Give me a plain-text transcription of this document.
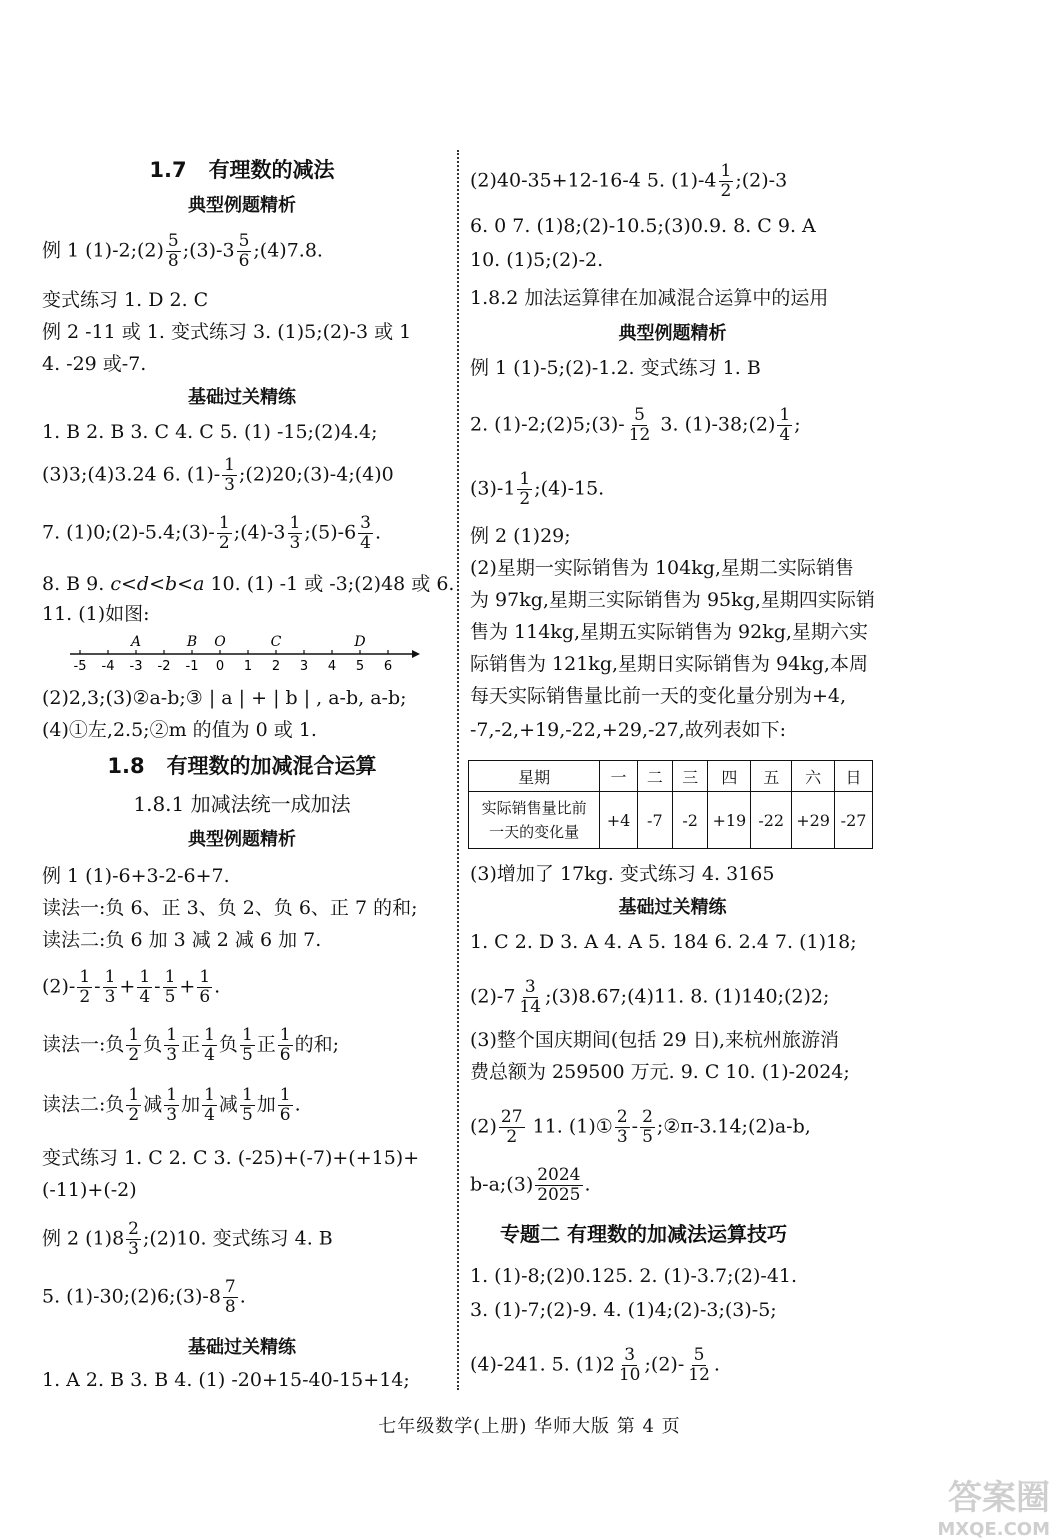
1.7 有理数的减法
典型例题精析
例 1 (1)-2;(2) $\frac{5}{8}$ ;(3)-3 $\frac{5}{6}$ ;(4)7.8.
变式练习 1. D 2. C
例 2 -11 或 1. 变式练习 3. (1)5;(2)-3 或 1
4. -29 或-7.
基础过关精练
1. B 2. B 3. C 4. C 5. (1) -15;(2)4.4;
(3)3;(4)3.24 6. $(1)- \frac{1}{3}$ ;(2)20;(3)-4;(4)0
7. (1)0;(2)-5.4;(3)- $\frac{1}{2}$ ;(4)-3 $\frac{1}{3}$ ;(5)-6 $\frac{3}{4}$ .
8. B 9. c<d<b<a 10. (1) -1 或 -3;(2)48 或 6.
11. (1)如图:
-5 -4 -3 -2 -1 0 1 2 3 4 5 6
A	B O	C	D
(2)2,3;(3)②a-b;③ | a | + | b | , a-b, a-b;
(4)①左,2.5;②m 的值为 0 或 1.
1.8 有理数的加减混合运算
1.8.1 加减法统一成加法
典型例题精析
例 1 (1)-6+3-2-6+7.
读法一:负 6、正 3、负 2、负 6、正 7 的和;
读法二:负 6 加 3 减 2 减 6 加 7.
$(2)- \frac{1}{2} - \frac{1}{3} + \frac{1}{4} - \frac{1}{5} + \frac{1}{6}$ .
读法一:负 $\frac{1}{2}$ 负 $\frac{1}{3}$ 正 $\frac{1}{4}$ 负 $\frac{1}{5}$ 正 $\frac{1}{6}$ 的和;
读法二:负 $\frac{1}{2}$ 减 $\frac{1}{3}$ 加 $\frac{1}{4}$ 减 $\frac{1}{5}$ 加 $\frac{1}{6}$ .
变式练习 1. C 2. C 3. (-25)+(-7)+(+15)+
(-11)+(-2)
例 2 $(1)8 \frac{2}{3}$ ;(2)10. 变式练习 4. B
5. (1)-30;(2)6;(3)-8 $\frac{7}{8}$ .
基础过关精练
1. A 2. B 3. B 4. (1) -20+15-40-15+14;
(2)40-35+12-16-4 5. $(1)-4 \frac{1}{2}$ ;(2)-3
6. 0 7. (1)8;(2)-10.5;(3)0.9. 8. C 9. A
10. (1)5;(2)-2.
1.8.2 加法运算律在加减混合运算中的运用
典型例题精析
例 1 (1)-5;(2)-1.2. 变式练习 1. B
2. (1)-2;(2)5;(3)- $\frac{5}{12} 3$. (1)-38;(2) $\frac{1}{4}$ ;
$(3)-1 \frac{1}{2}$ ;(4)-15.
例 2 (1)29;
(2)星期一实际销售为 104kg,星期二实际销售
为 97kg,星期三实际销售为 95kg,星期四实际销
售为 114kg,星期五实际销售为 92kg,星期六实
际销售为 121kg,星期日实际销售为 94kg,本周
每天实际销售量比前一天的变化量分别为+4,
-7,-2,+19,-22,+29,-27,故列表如下:
星期	一	二	三	四	五	六	日
实际销售量比前
一天的变化量	+4	-7	-2	+19	-22	+29	-27
(3)增加了 17kg. 变式练习 4. 3165
基础过关精练
1. C 2. D 3. A 4. A 5. 184 6. 2.4 7. (1)18;
$(2)-7 \frac{3}{14}$ ;(3)8.67;(4)11. 8. (1)140;(2)2;
(3)整个国庆期间(包括 29 日),来杭州旅游消
费总额为 259500 万元. 9. C 10. (1)-2024;
$(2) \frac{27}{2} 11$. (1)① $\frac{2}{3} - \frac{2}{5}$ ;②π-3.14;(2)a-b,
b-a;(3) $\frac{2024}{2025}$ .
专题二 有理数的加减法运算技巧
1. (1)-8;(2)0.125. 2. (1)-3.7;(2)-41.
3. (1)-7;(2)-9. 4. (1)4;(2)-3;(3)-5;
(4)-241. 5. $(1)2 \frac{3}{10}$ ;(2)- $\frac{5}{12}$ .
七年级数学(上册) 华师大版 第 4 页
答案圈
MXQE.COM
